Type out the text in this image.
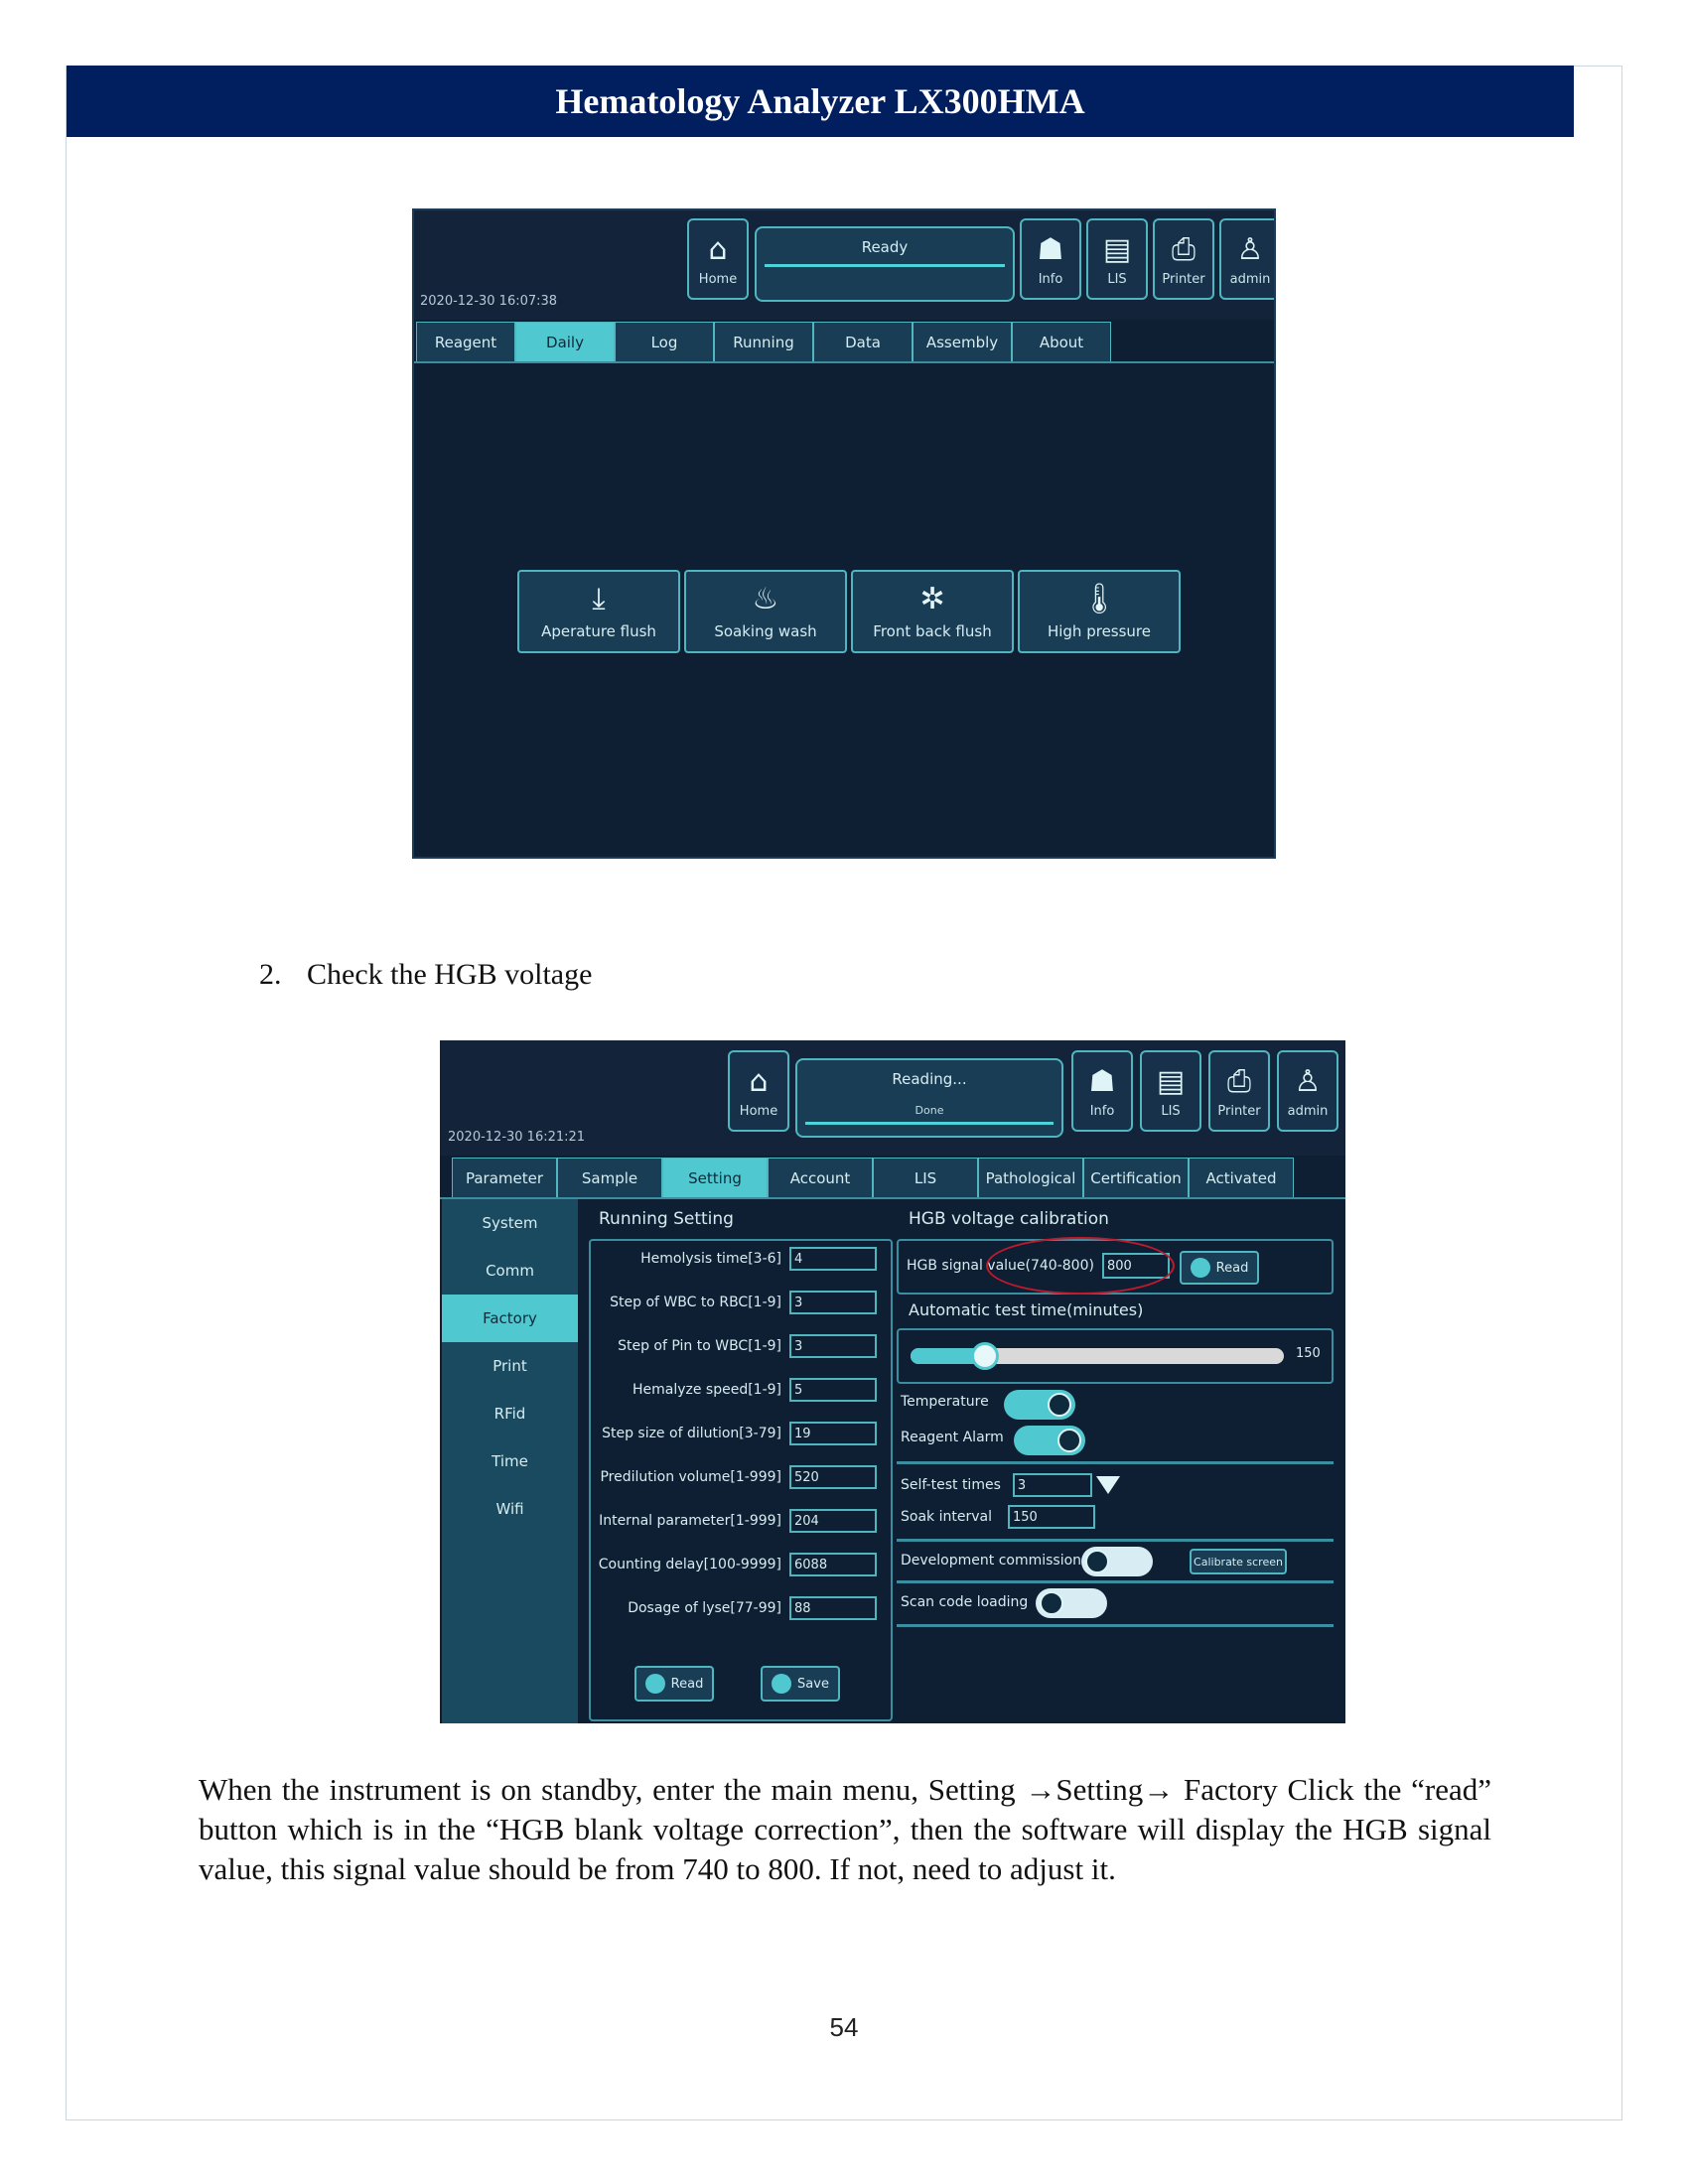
Hematology Analyzer LX300HMA
2020-12-30 16:07:38
⌂
Home
Ready	☗
Info
▤
LIS
⎙
Printer
♙
admin
Reagent	Daily	Log	Running	Data	Assembly	About
⤓
Aperature flush
♨
Soaking wash
✲
Front back flush
🌡
High pressure
2. Check the HGB voltage
2020-12-30 16:21:21
⌂
Home
Reading...
Done
☗
Info
▤
LIS
⎙
Printer
♙
admin
Parameter	Sample	Setting	Account	LIS	Pathological Certification	Activated
System
Comm
Factory
Print
RFid
Time
Wifi
Running Setting
Hemolysis time[3-6]	4
Step of WBC to RBC[1-9]	3
Step of Pin to WBC[1-9]	3
Hemalyze speed[1-9]	5
Step size of dilution[3-79]	19
Predilution volume[1-999]	520
Internal parameter[1-999]	204
Counting delay[100-9999]	6088
Dosage of lyse[77-99]	88
Read	Save
HGB voltage calibration
HGB signal value(740-800)	800	Read
Automatic test time(minutes)
150
Temperature
Reagent Alarm
Self-test times	3
Soak interval	150
Development commission	Calibrate screen
Scan code loading
When the instrument is on standby, enter the main menu, Setting →Setting→ Factory Click the “read” button which is in the “HGB blank voltage correction”, then the software will display the HGB signal value, this signal value should be from 740 to 800. If not, need to adjust it.
54
